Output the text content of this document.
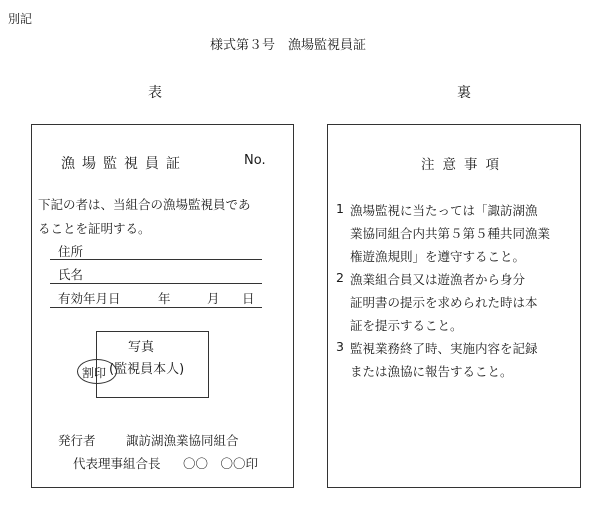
別記
様式第３号　漁場監視員証
表	裏
漁場監視員証	No.
下記の者は、当組合の漁場監視員であ
ることを証明する。
住所
氏名
有効年月日	年	月 日
写真
(監視員本人)
割印
発行者 諏訪湖漁業協同組合
代表理事組合長 〇〇　〇〇印
注意事項
1 漁場監視に当たっては「諏訪湖漁
業協同組合内共第５第５種共同漁業
権遊漁規則」を遵守すること。
2 漁業組合員又は遊漁者から身分
証明書の提示を求められた時は本
証を提示すること。
3 監視業務終了時、実施内容を記録
または漁協に報告すること。
